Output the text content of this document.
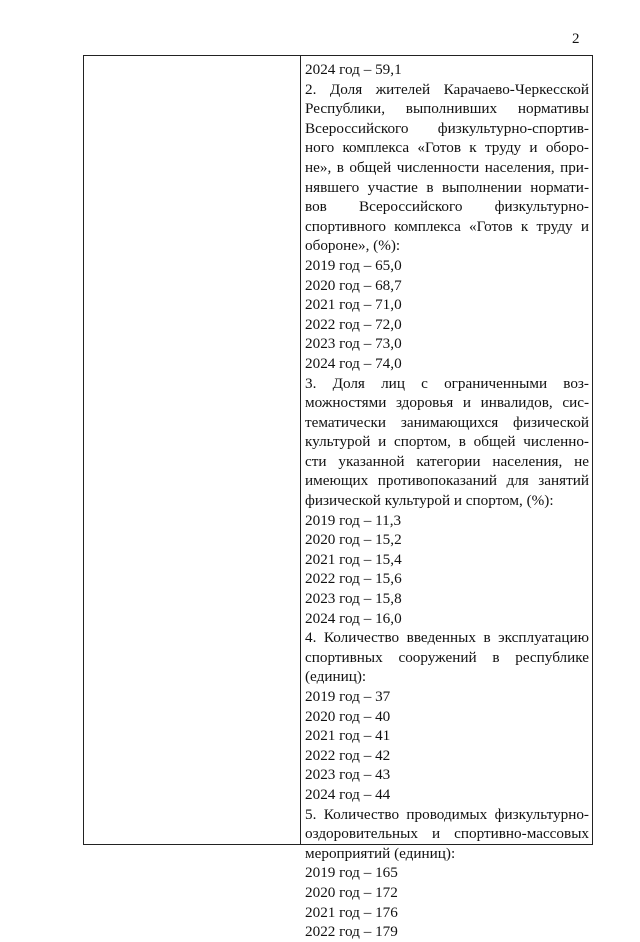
2
2024 год – 59,1
2. Доля жителей Карачаево-Черкесской
Республики, выполнивших нормативы
Всероссийского физкультурно-спортив-
ного комплекса «Готов к труду и оборо-
не», в общей численности населения, при-
нявшего участие в выполнении нормати-
вов Всероссийского физкультурно-
спортивного комплекса «Готов к труду и
обороне», (%):
2019 год – 65,0
2020 год – 68,7
2021 год – 71,0
2022 год – 72,0
2023 год – 73,0
2024 год – 74,0
3. Доля лиц с ограниченными воз-
можностями здоровья и инвалидов, сис-
тематически занимающихся физической
культурой и спортом, в общей численно-
сти указанной категории населения, не
имеющих противопоказаний для занятий
физической культурой и спортом, (%):
2019 год – 11,3
2020 год – 15,2
2021 год – 15,4
2022 год – 15,6
2023 год – 15,8
2024 год – 16,0
4. Количество введенных в эксплуатацию
спортивных сооружений в республике
(единиц):
2019 год – 37
2020 год – 40
2021 год – 41
2022 год – 42
2023 год – 43
2024 год – 44
5. Количество проводимых физкультурно-
оздоровительных и спортивно-массовых
мероприятий (единиц):
2019 год – 165
2020 год – 172
2021 год – 176
2022 год – 179
